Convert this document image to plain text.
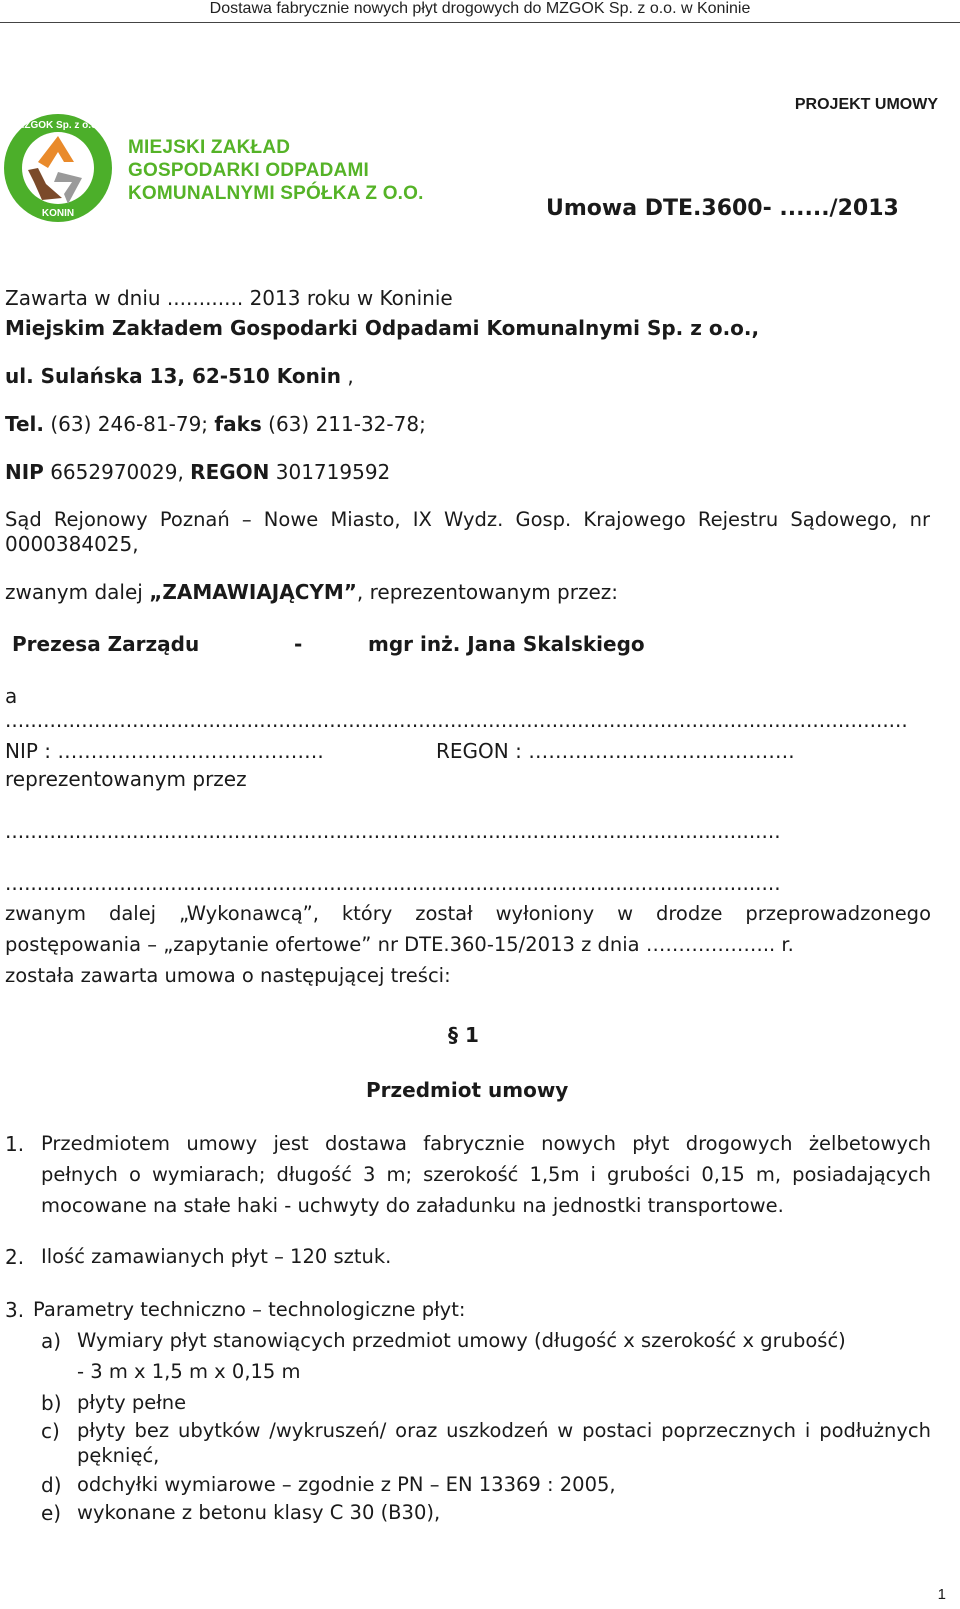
Dostawa fabrycznie nowych płyt drogowych do MZGOK Sp. z o.o. w Koninie
PROJEKT UMOWY
MZGOK Sp. z o.o.
KONIN
MIEJSKI ZAKŁAD
GOSPODARKI ODPADAMI
KOMUNALNYMI SPÓŁKA Z O.O.
Umowa DTE.3600- ....../2013
Zawarta w dniu ............ 2013 roku w Koninie
Miejskim Zakładem Gospodarki Odpadami Komunalnymi Sp. z o.o.,
ul. Sulańska 13, 62-510 Konin ,
Tel. (63) 246-81-79; faks (63) 211-32-78;
NIP 6652970029, REGON 301719592
Sąd Rejonowy Poznań – Nowe Miasto, IX Wydz. Gosp. Krajowego Rejestru Sądowego, nr
0000384025,
zwanym dalej „ZAMAWIAJĄCYM”, reprezentowanym przez:
Prezesa Zarządu	-	mgr inż. Jana Skalskiego
a
..............................................................................................................................................
NIP : ………………………………….	REGON : ………………………………….
reprezentowanym przez
..........................................................................................................................
..........................................................................................................................
zwanym dalej „Wykonawcą”, który został wyłoniony w drodze przeprowadzonego
postępowania – „zapytanie ofertowe” nr DTE.360-15/2013 z dnia ……………….. r.
została zawarta umowa o następującej treści:
§ 1
Przedmiot umowy
1. Przedmiotem umowy jest dostawa fabrycznie nowych płyt drogowych żelbetowych
pełnych o wymiarach; długość 3 m; szerokość 1,5m i grubości 0,15 m, posiadających
mocowane na stałe haki - uchwyty do załadunku na jednostki transportowe.
2. Ilość zamawianych płyt – 120 sztuk.
3. Parametry techniczno – technologiczne płyt:
a) Wymiary płyt stanowiących przedmiot umowy (długość x szerokość x grubość)
- 3 m x 1,5 m x 0,15 m
b) płyty pełne
c) płyty bez ubytków /wykruszeń/ oraz uszkodzeń w postaci poprzecznych i podłużnych
pęknięć,
d) odchyłki wymiarowe – zgodnie z PN – EN 13369 : 2005,
e) wykonane z betonu klasy C 30 (B30),
1
